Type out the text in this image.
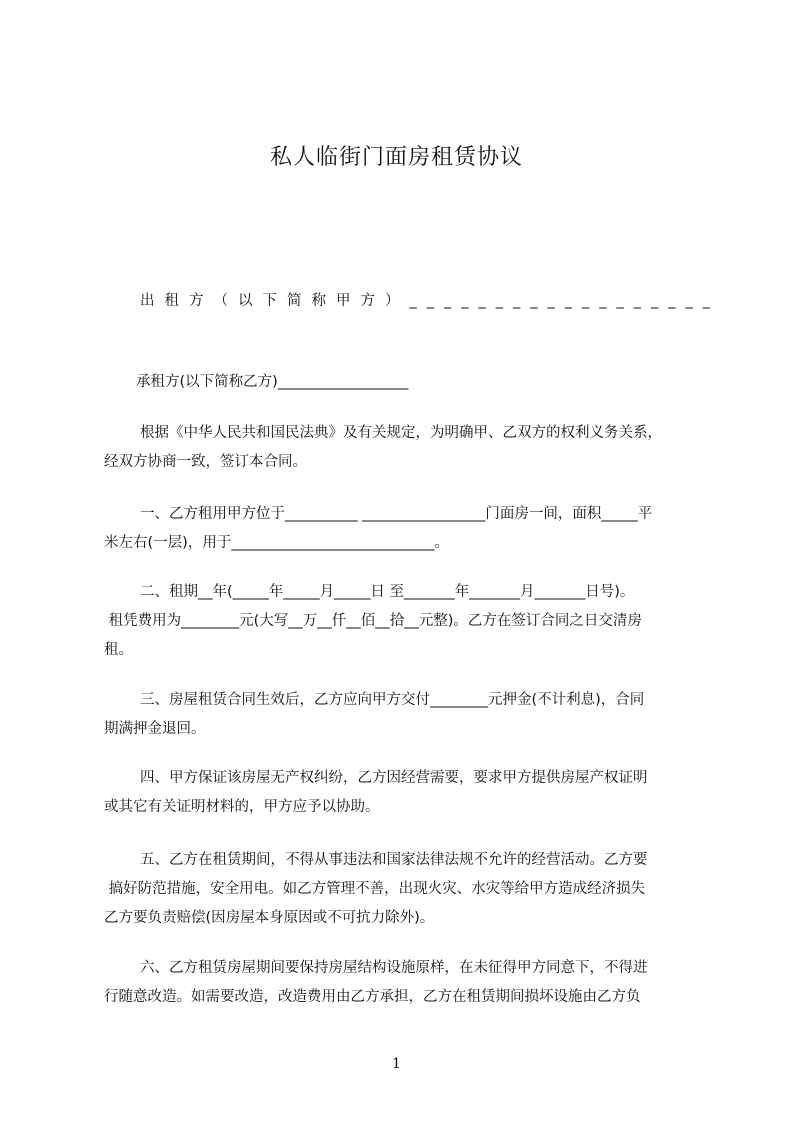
私人临街门面房租赁协议
出租方（以下简称甲方）__________________
承租方(以下简称乙方)__________________
根据《中华人民共和国民法典》及有关规定，为明确甲、乙双方的权利义务关系，
经双方协商一致，签订本合同。
一、乙方租用甲方位于__________ _________________门面房一间，面积_____平
米左右(一层)，用于____________________________。
二、租期__年(_____年_____月_____日 至_______年_______月_______日号)。
租凭费用为________元(大写__万__仟__佰__拾__元整)。乙方在签订合同之日交清房
租。
三、房屋租赁合同生效后，乙方应向甲方交付________元押金(不计利息)，合同
期满押金退回。
四、甲方保证该房屋无产权纠纷，乙方因经营需要，要求甲方提供房屋产权证明
或其它有关证明材料的，甲方应予以协助。
五、乙方在租赁期间，不得从事违法和国家法律法规不允许的经营活动。乙方要
搞好防范措施，安全用电。如乙方管理不善，出现火灾、水灾等给甲方造成经济损失
乙方要负责赔偿(因房屋本身原因或不可抗力除外)。
六、乙方租赁房屋期间要保持房屋结构设施原样，在未征得甲方同意下，不得进
行随意改造。如需要改造，改造费用由乙方承担，乙方在租赁期间损坏设施由乙方负
1
